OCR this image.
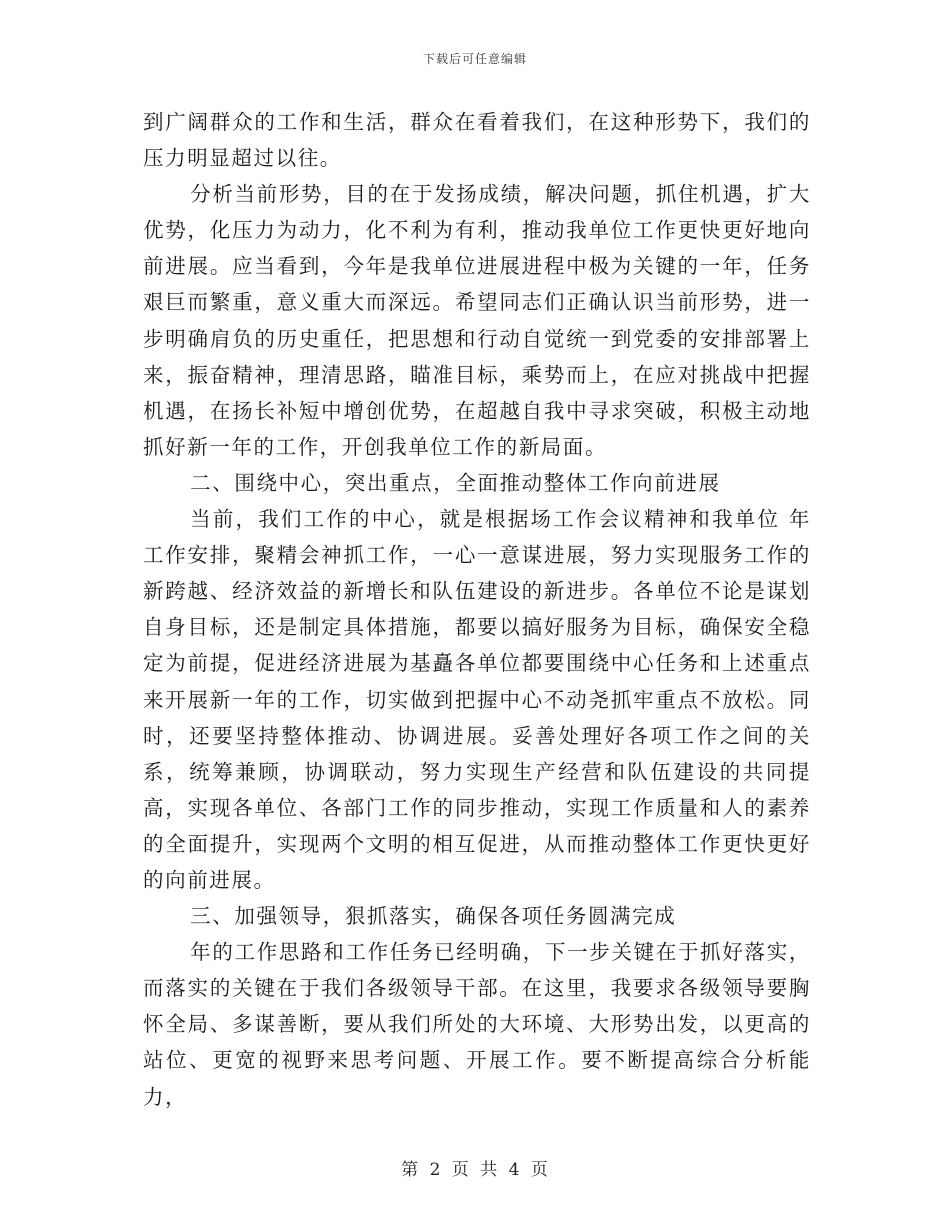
下载后可任意编辑

到广阔群众的工作和生活，群众在看着我们，在这种形势下，我们的压力明显超过以往。

分析当前形势，目的在于发扬成绩，解决问题，抓住机遇，扩大优势，化压力为动力，化不利为有利，推动我单位工作更快更好地向前进展。应当看到，今年是我单位进展进程中极为关键的一年，任务艰巨而繁重，意义重大而深远。希望同志们正确认识当前形势，进一步明确肩负的历史重任，把思想和行动自觉统一到党委的安排部署上来，振奋精神，理清思路，瞄准目标，乘势而上，在应对挑战中把握机遇，在扬长补短中增创优势，在超越自我中寻求突破，积极主动地抓好新一年的工作，开创我单位工作的新局面。

二、围绕中心，突出重点，全面推动整体工作向前进展

当前，我们工作的中心，就是根据场工作会议精神和我单位 年工作安排，聚精会神抓工作，一心一意谋进展，努力实现服务工作的新跨越、经济效益的新增长和队伍建设的新进步。各单位不论是谋划自身目标，还是制定具体措施，都要以搞好服务为目标，确保安全稳定为前提，促进经济进展为基矗各单位都要围绕中心任务和上述重点来开展新一年的工作，切实做到把握中心不动尧抓牢重点不放松。同时，还要坚持整体推动、协调进展。妥善处理好各项工作之间的关系，统筹兼顾，协调联动，努力实现生产经营和队伍建设的共同提高，实现各单位、各部门工作的同步推动，实现工作质量和人的素养的全面提升，实现两个文明的相互促进，从而推动整体工作更快更好的向前进展。

三、加强领导，狠抓落实，确保各项任务圆满完成

年的工作思路和工作任务已经明确，下一步关键在于抓好落实，而落实的关键在于我们各级领导干部。在这里，我要求各级领导要胸怀全局、多谋善断，要从我们所处的大环境、大形势出发，以更高的站位、更宽的视野来思考问题、开展工作。要不断提高综合分析能力，

第 2 页 共 4 页
